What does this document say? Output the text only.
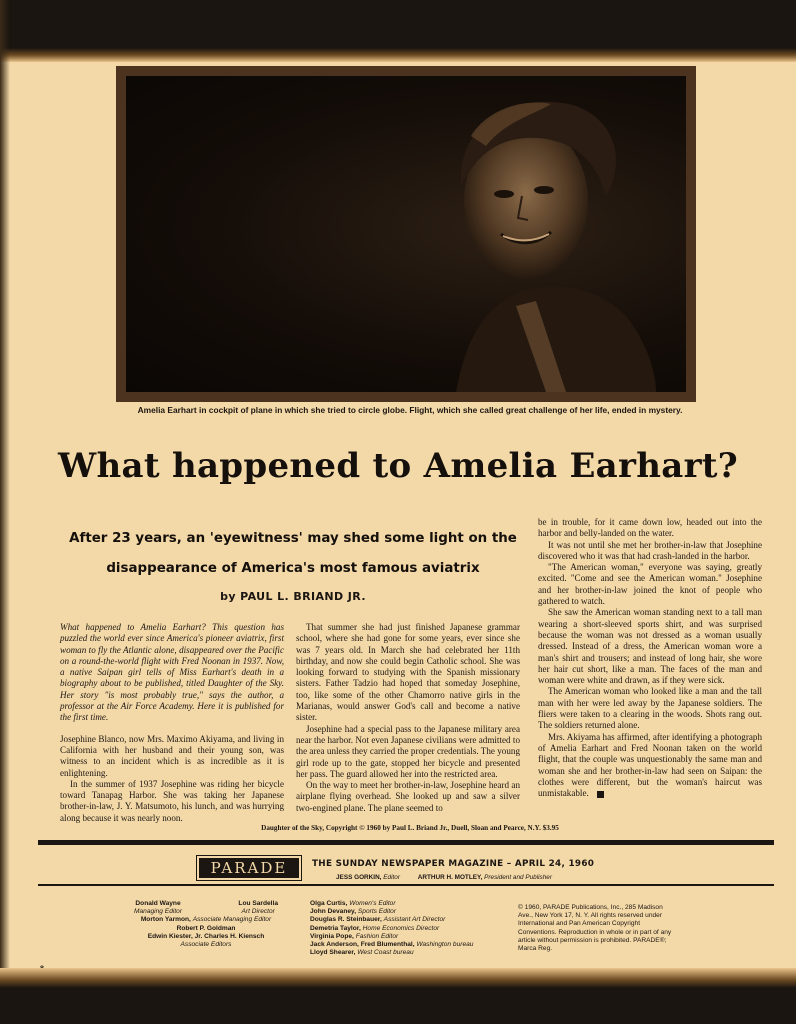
Amelia Earhart in cockpit of plane in which she tried to circle globe. Flight, which she called great challenge of her life, ended in mystery.
What happened to Amelia Earhart?
After 23 years, an 'eyewitness' may shed some light on the disappearance of America's most famous aviatrix
by PAUL L. BRIAND JR.

What happened to Amelia Earhart? This question has puzzled the world ever since America's pioneer aviatrix, first woman to fly the Atlantic alone, disappeared over the Pacific on a round-the-world flight with Fred Noonan in 1937. Now, a native Saipan girl tells of Miss Earhart's death in a biography about to be published, titled Daughter of the Sky. Her story "is most probably true," says the author, a professor at the Air Force Academy. Here it is published for the first time.

Josephine Blanco, now Mrs. Maximo Akiyama, and living in California with her husband and their young son, was witness to an incident which is as incredible as it is enlightening.

In the summer of 1937 Josephine was riding her bicycle toward Tanapag Harbor. She was taking her Japanese brother-in-law, J. Y. Matsumoto, his lunch, and was hurrying along because it was nearly noon.

That summer she had just finished Japanese grammar school, where she had gone for some years, ever since she was 7 years old. In March she had celebrated her 11th birthday, and now she could begin Catholic school. She was looking forward to studying with the Spanish missionary sisters. Father Tadzio had hoped that someday Josephine, too, like some of the other Chamorro native girls in the Marianas, would answer God's call and become a native sister.

Josephine had a special pass to the Japanese military area near the harbor. Not even Japanese civilians were admitted to the area unless they carried the proper credentials. The young girl rode up to the gate, stopped her bicycle and presented her pass. The guard allowed her into the restricted area.

On the way to meet her brother-in-law, Josephine heard an airplane flying overhead. She looked up and saw a silver two-engined plane. The plane seemed to

be in trouble, for it came down low, headed out into the harbor and belly-landed on the water.

It was not until she met her brother-in-law that Josephine discovered who it was that had crash-landed in the harbor.

"The American woman," everyone was saying, greatly excited. "Come and see the American woman." Josephine and her brother-in-law joined the knot of people who gathered to watch.

She saw the American woman standing next to a tall man wearing a short-sleeved sports shirt, and was surprised because the woman was not dressed as a woman usually dressed. Instead of a dress, the American woman wore a man's shirt and trousers; and instead of long hair, she wore her hair cut short, like a man. The faces of the man and woman were white and drawn, as if they were sick.

The American woman who looked like a man and the tall man with her were led away by the Japanese soldiers. The fliers were taken to a clearing in the woods. Shots rang out. The soldiers returned alone.

Mrs. Akiyama has affirmed, after identifying a photograph of Amelia Earhart and Fred Noonan taken on the world flight, that the couple was unquestionably the same man and woman she and her brother-in-law had seen on Saipan: the clothes were different, but the woman's haircut was unmistakable.

Daughter of the Sky, Copyright © 1960 by Paul L. Briand Jr., Duell, Sloan and Pearce, N.Y. $3.95
PARADE	THE SUNDAY NEWSPAPER MAGAZINE – APRIL 24, 1960
JESS GORKIN, Editor	ARTHUR H. MOTLEY, President and Publisher
Donald Wayne
Managing Editor
Lou Sardella
Art Director
Morton Yarmon, Associate Managing Editor
Robert P. Goldman
Edwin Kiester, Jr. Charles H. Kiensch
Associate Editors
Olga Curtis, Women's Editor
John Devaney, Sports Editor
Douglas R. Steinbauer, Assistant Art Director
Demetria Taylor, Home Economics Director
Virginia Pope, Fashion Editor
Jack Anderson, Fred Blumenthal, Washington bureau
Lloyd Shearer, West Coast bureau
© 1960, PARADE Publications, Inc., 285 Madison Ave., New York 17, N. Y. All rights reserved under International and Pan American Copyright Conventions. Reproduction in whole or in part of any article without permission is prohibited. PARADE®; Marca Reg.
